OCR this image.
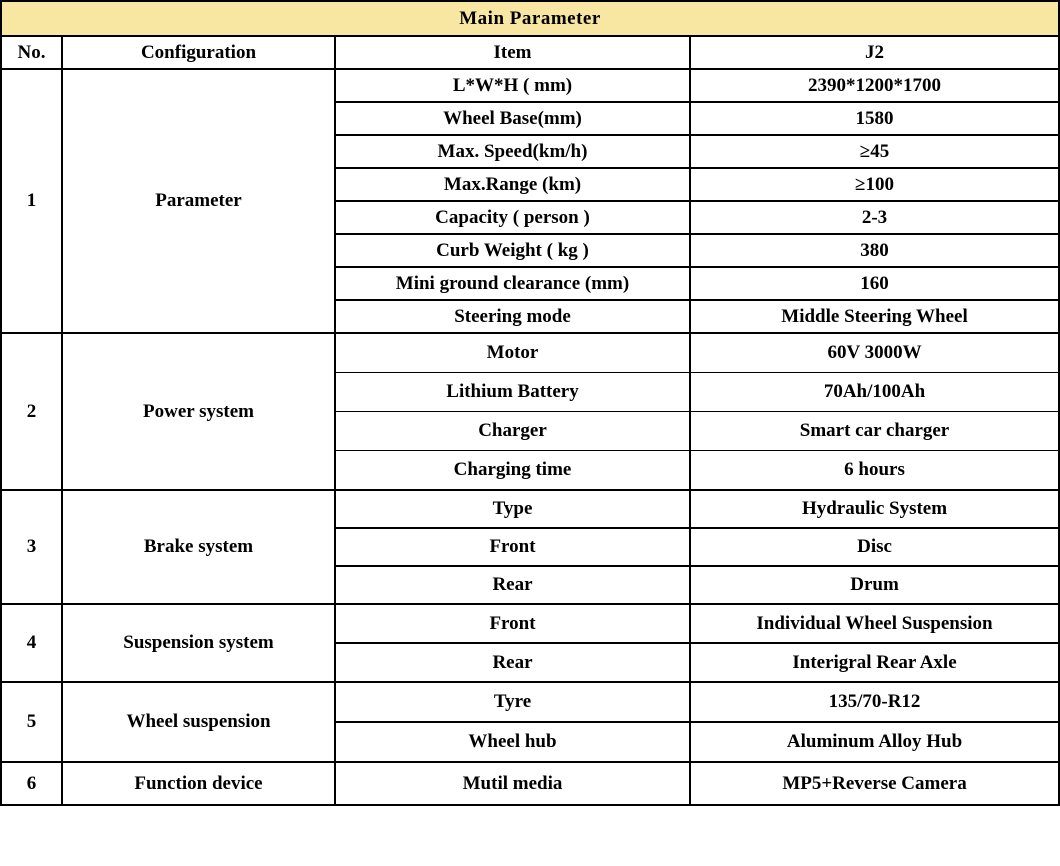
Main Parameter			
No.	Configuration	Item	J2
1	Parameter	L*W*H ( mm)	2390*1200*1700
		Wheel Base(mm)	1580
		Max. Speed(km/h)	≥45
		Max.Range (km)	≥100
		Capacity ( person )	2-3
		Curb Weight ( kg )	380
		Mini ground clearance (mm)	160
		Steering mode	Middle Steering Wheel
2	Power system	Motor	60V 3000W
		Lithium Battery	70Ah/100Ah
		Charger	Smart car charger
		Charging time	6 hours
3	Brake system	Type	Hydraulic System
		Front	Disc
		Rear	Drum
4	Suspension system	Front	Individual Wheel Suspension
		Rear	Interigral Rear Axle
5	Wheel suspension	Tyre	135/70-R12
		Wheel hub	Aluminum Alloy Hub
6	Function device	Mutil media	MP5+Reverse Camera
